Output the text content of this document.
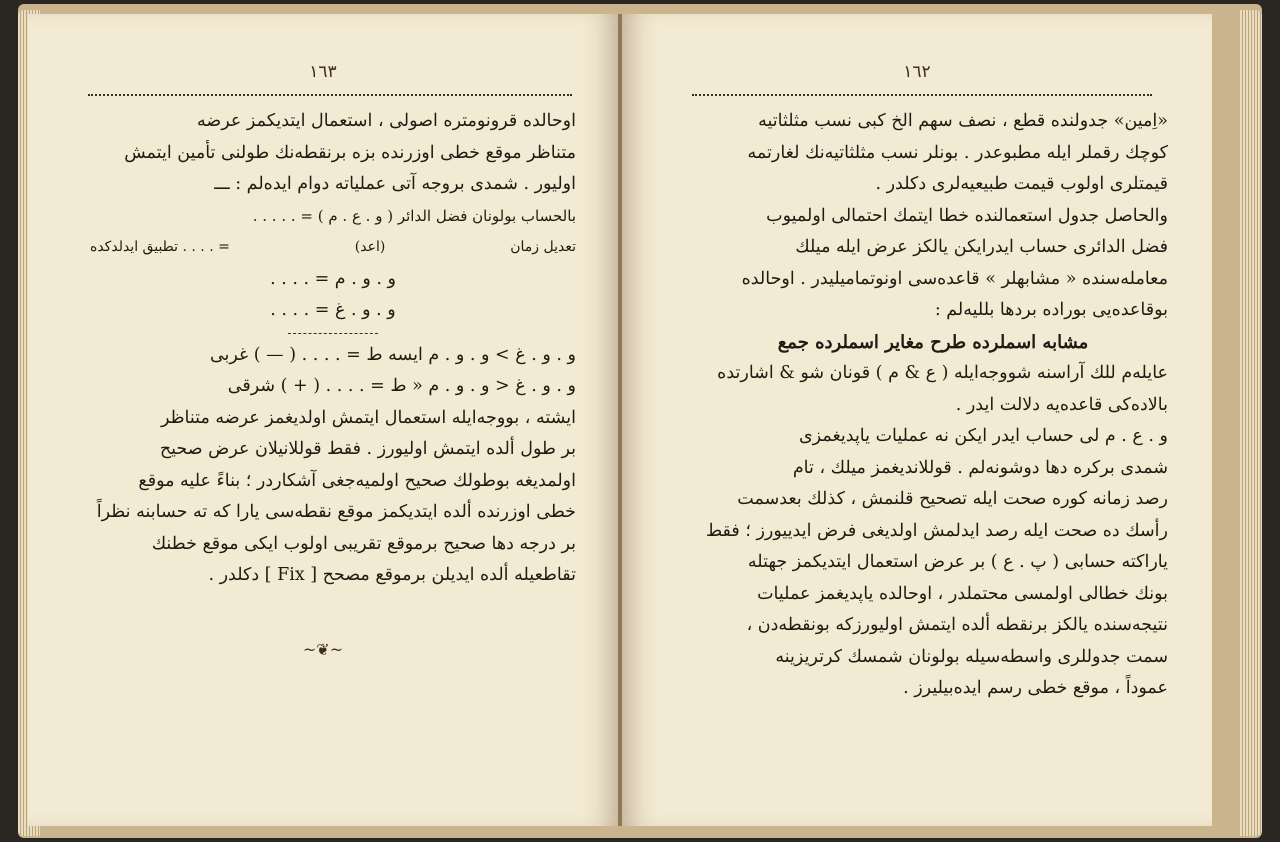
١٦٣
اوحالده قرونومتره اصولی ، استعمال ایتدیکمز عرضه
متناظر موقع خطی اوزرنده بزه برنقطه‌نك طولنی تأمین ایتمش
اولیور . شمدی بروجه آتی عملیاته دوام ایده‌لم : ـــ
بالحساب بولونان فضل الدائر ( و . ع . م ) = . . . . .
تعدیل زمان
(اعد)
= . . . . تطبیق ایدلدکده
و . و . م = . . . .
و . و . غ = . . . .
و . و . غ > و . و . م ایسه ط = . . . . ( — ) غربی
و . و . غ < و . و . م « ط = . . . . ( + ) شرقی
ایشته ، بووجه‌ایله استعمال ایتمش اولدیغمز عرضه متناظر
بر طول ألده ایتمش اولیورز . فقط قوللانیلان عرض صحیح
اولمدیغه بوطولك صحیح اولمیه‌جغی آشکاردر ؛ بناءً علیه موقع
خطی اوزرنده ألده ایتدیکمز موقع نقطه‌سی یارا که ته حسابنه نظراً
بر درجه دها صحیح برموقع تقریبی اولوب ایکی موقع خطنك
تقاطعیله ألده ایدیلن برموقع مصحح [ Fix ] دکلدر .
~❦~
١٦٢
«اِمین» جدولنده قطع ، نصف سهم الخ کبی نسب مثلثاتیه
کوچك رقملر ایله مطبوعدر . بونلر نسب مثلثاتیه‌نك لغارتمه
قیمتلری اولوب قیمت طبیعیه‌لری دکلدر .
والحاصل جدول استعمالنده خطا ایتمك احتمالی اولمیوب
فضل الدائری حساب ایدرایکن یالکز عرض ایله میلك
معامله‌سنده « مشابهلر » قاعده‌سی اونوتمامیلیدر . اوحالده
بوقاعده‌یی بوراده بردها بللیه‌لم :
مشابه اسملرده طرح مغایر اسملرده جمع
عایله‌م للك آراسنه شووجه‌ایله ( ع & م ) قونان شو & اشارتده
بالاده‌کی قاعده‌یه دلالت ایدر .
و . ع . م لی حساب ایدر ایکن نه عملیات یاپدیغمزی
شمدی برکره دها دوشونه‌لم . قوللاندیغمز میلك ، تام
رصد زمانه کوره صحت ایله تصحیح قلنمش ، کذلك بعدسمت
رأسك ده صحت ایله رصد ایدلمش اولدیغی فرض ایدییورز ؛ فقط
یاراکته حسابی ( پ . ع ) بر عرض استعمال ایتدیکمز جهتله
بونك خطالی اولمسی محتملدر ، اوحالده یاپدیغمز عملیات
نتیجه‌سنده یالکز برنقطه ألده ایتمش اولیورزکه بونقطه‌دن ،
سمت جدوللری واسطه‌سیله بولونان شمسك کرتریزینه
عموداً ، موقع خطی رسم ایده‌بیلیرز .
